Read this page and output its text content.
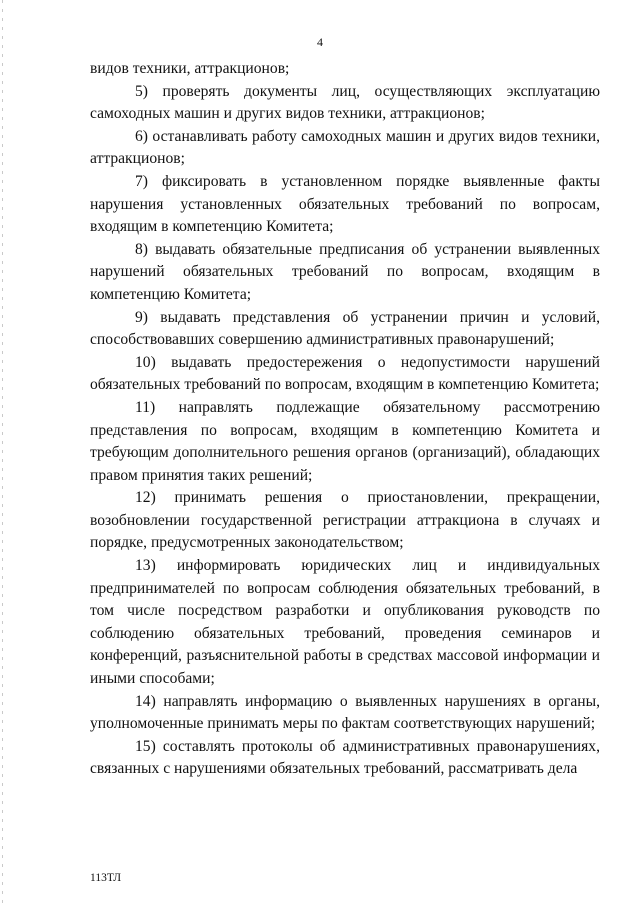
4

видов техники, аттракционов;

5) проверять документы лиц, осуществляющих эксплуатацию самоходных машин и других видов техники, аттракционов;

6) останавливать работу самоходных машин и других видов техники, аттракционов;

7) фиксировать в установленном порядке выявленные факты нарушения установленных обязательных требований по вопросам, входящим в компетенцию Комитета;

8) выдавать обязательные предписания об устранении выявленных нарушений обязательных требований по вопросам, входящим в компетенцию Комитета;

9) выдавать представления об устранении причин и условий, способствовавших совершению административных правонарушений;

10) выдавать предостережения о недопустимости нарушений обязательных требований по вопросам, входящим в компетенцию Комитета;

11) направлять подлежащие обязательному рассмотрению представления по вопросам, входящим в компетенцию Комитета и требующим дополнительного решения органов (организаций), обладающих правом принятия таких решений;

12) принимать решения о приостановлении, прекращении, возобновлении государственной регистрации аттракциона в случаях и порядке, предусмотренных законодательством;

13) информировать юридических лиц и индивидуальных предпринимателей по вопросам соблюдения обязательных требований, в том числе посредством разработки и опубликования руководств по соблюдению обязательных требований, проведения семинаров и конференций, разъяснительной работы в средствах массовой информации и иными способами;

14) направлять информацию о выявленных нарушениях в органы, уполномоченные принимать меры по фактам соответствующих нарушений;

15) составлять протоколы об административных правонарушениях, связанных с нарушениями обязательных требований, рассматривать дела

113ТЛ
